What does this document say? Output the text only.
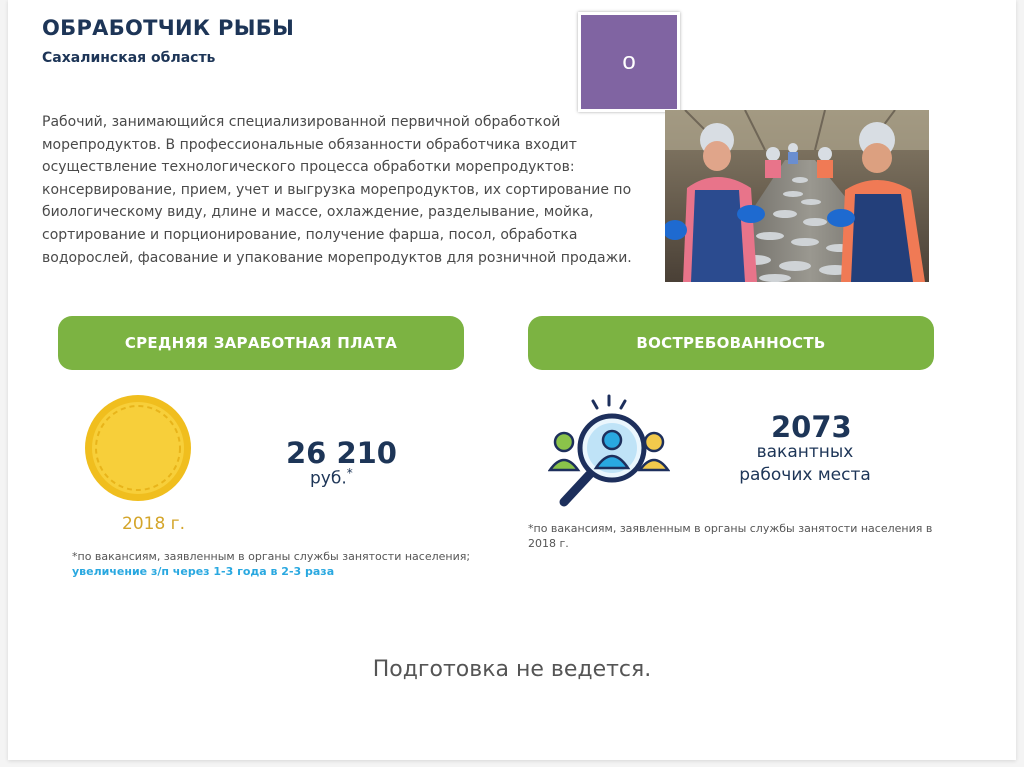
ОБРАБОТЧИК РЫБЫ
Сахалинская область	о

Рабочий, занимающийся специализированной первичной обработкой морепродуктов. В профессиональные обязанности обработчика входит осуществление технологического процесса обработки морепродуктов: консервирование, прием, учет и выгрузка морепродуктов, их сортирование по биологическому виду, длине и массе, охлаждение, разделывание, мойка, сортирование и порционирование, получение фарша, посол, обработка водорослей, фасование и упакование морепродуктов для розничной продажи.

СРЕДНЯЯ ЗАРАБОТНАЯ ПЛАТА
2018 г.
26 210
руб.*
*по вакансиям, заявленным в органы службы занятости населения;
увеличение з/п через 1-3 года в 2-3 раза
ВОСТРЕБОВАННОСТЬ
2073
вакантных
рабочих места
*по вакансиям, заявленным в органы службы занятости населения в 2018 г.
Подготовка не ведется.
